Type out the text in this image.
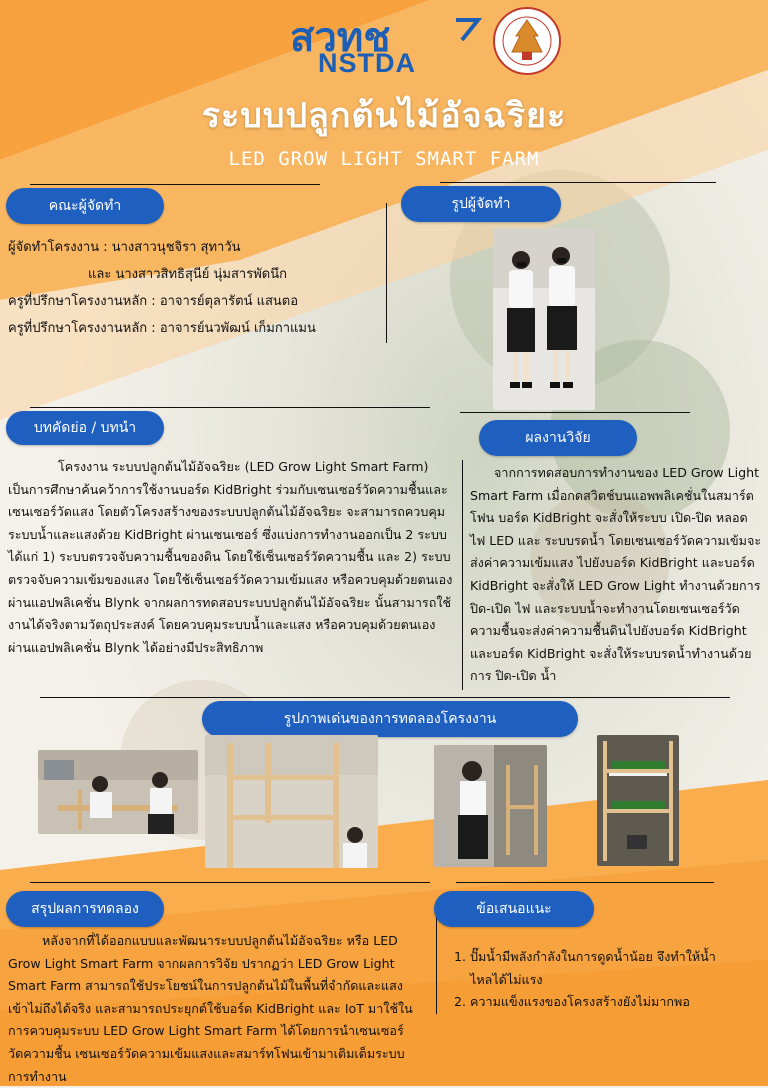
สวทช
NSTDA
ระบบปลูกต้นไม้อัจฉริยะ
LED GROW LIGHT SMART FARM
คณะผู้จัดทำ

ผู้จัดทำโครงงาน : นางสาวนุชจิรา สุทาวัน

และ นางสาวสิทธิสุนีย์ นุ่มสารพัดนึก

ครูที่ปรึกษาโครงงานหลัก : อาจารย์ตุลารัตน์ แสนตอ

ครูที่ปรึกษาโครงงานหลัก : อาจารย์นวพัฒน์ เก็มกาแมน

รูปผู้จัดทำ
บทคัดย่อ / บทนำ
โครงงาน ระบบปลูกต้นไม้อัจฉริยะ (LED Grow Light Smart Farm) เป็นการศึกษาค้นคว้าการใช้งานบอร์ด KidBright ร่วมกับเซนเซอร์วัดความชื้นและเซนเซอร์วัดแสง โดยตัวโครงสร้างของระบบปลูกต้นไม้อัจฉริยะ จะสามารถควบคุมระบบน้ำและแสงด้วย KidBright ผ่านเซนเซอร์ ซึ่งแบ่งการทำงานออกเป็น 2 ระบบ ได้แก่ 1) ระบบตรวจจับความชื้นของดิน โดยใช้เซ็นเซอร์วัดความชื้น และ 2) ระบบตรวจจับความเข้มของแสง โดยใช้เซ็นเซอร์วัดความเข้มแสง หรือควบคุมด้วยตนเองผ่านแอปพลิเคชั่น Blynk จากผลการทดสอบระบบปลูกต้นไม้อัจฉริยะ นั้นสามารถใช้งานได้จริงตามวัตถุประสงค์ โดยควบคุมระบบน้ำและแสง หรือควบคุมด้วยตนเองผ่านแอปพลิเคชั่น Blynk ได้อย่างมีประสิทธิภาพ
ผลงานวิจัย
จากการทดสอบการทำงานของ LED Grow Light Smart Farm เมื่อกดสวิตช์บนแอพพลิเคชั่นในสมาร์ตโฟน บอร์ด KidBright จะสั่งให้ระบบ เปิด-ปิด หลอดไฟ LED และ ระบบรดน้ำ โดยเซนเซอร์วัดความเข้มจะส่งค่าความเข้มแสง ไปยังบอร์ด KidBright และบอร์ด KidBright จะสั่งให้ LED Grow Light ทำงานด้วยการ ปิด-เปิด ไฟ และระบบน้ำจะทำงานโดยเซนเซอร์วัดความชื้นจะส่งค่าความชื้นดินไปยังบอร์ด KidBright และบอร์ด KidBright จะสั่งให้ระบบรดน้ำทำงานด้วยการ ปิด-เปิด น้ำ
รูปภาพเด่นของการทดลองโครงงาน
สรุปผลการทดลอง
หลังจากที่ได้ออกแบบและพัฒนาระบบปลูกต้นไม้อัจฉริยะ หรือ LED Grow Light Smart Farm จากผลการวิจัย ปรากฏว่า LED Grow Light Smart Farm สามารถใช้ประโยชน์ในการปลูกต้นไม้ในพื้นที่จำกัดและแสงเข้าไม่ถึงได้จริง และสามารถประยุกต์ใช้บอร์ด KidBright และ IoT มาใช้ในการควบคุมระบบ LED Grow Light Smart Farm ได้โดยการนำเซนเซอร์วัดความชื้น เซนเซอร์วัดความเข้มแสงและสมาร์ทโฟนเข้ามาเติมเต็มระบบการทำงาน
ข้อเสนอแนะ
1. ปั๊มน้ำมีพลังกำลังในการดูดน้ำน้อย จึงทำให้น้ำไหลได้ไม่แรง
2. ความแข็งแรงของโครงสร้างยังไม่มากพอ
